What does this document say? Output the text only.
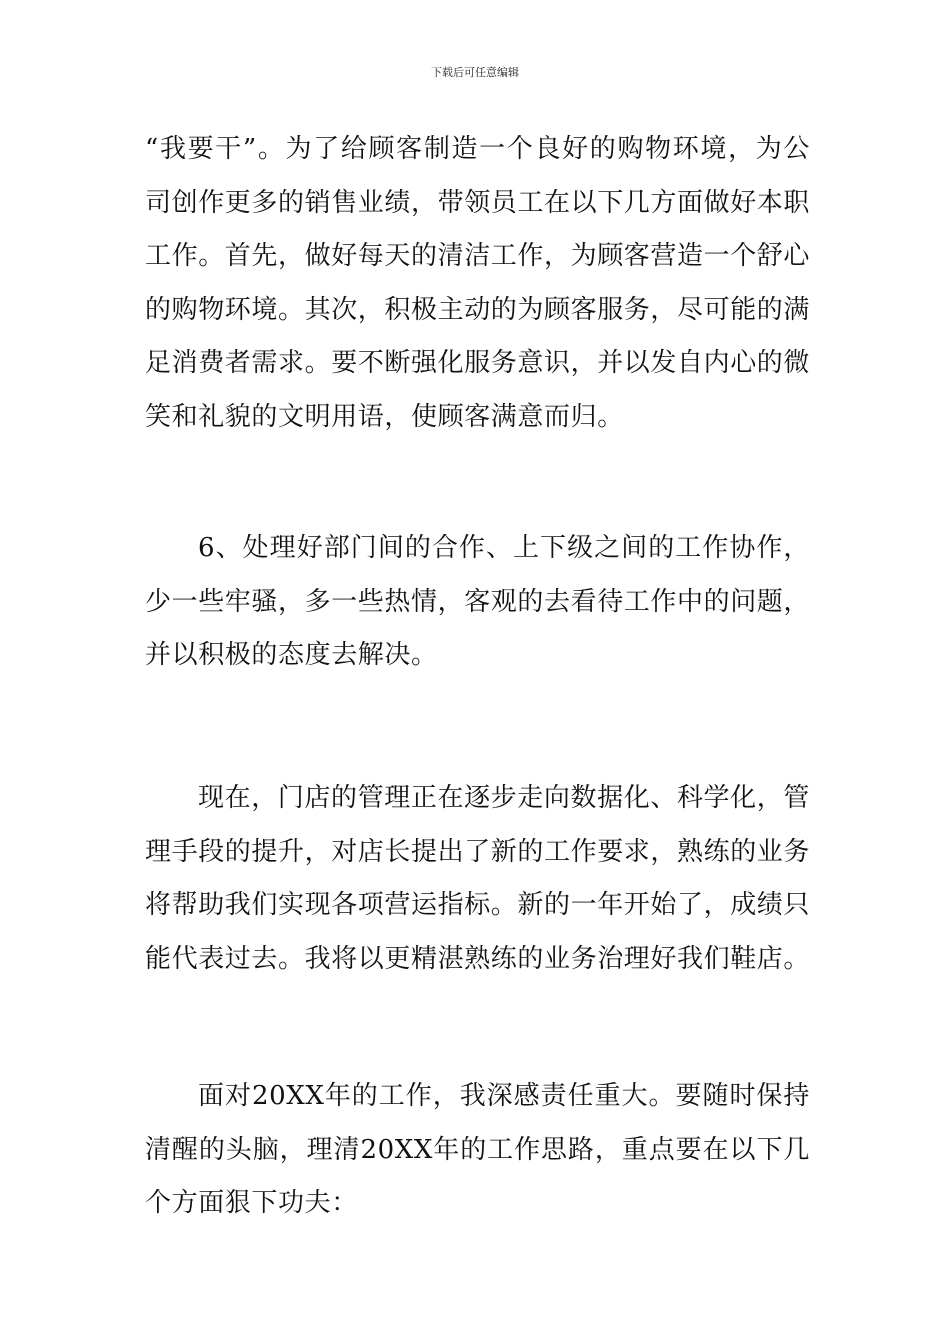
下载后可任意编辑

“我要干”。为了给顾客制造一个良好的购物环境，为公司创作更多的销售业绩，带领员工在以下几方面做好本职工作。首先，做好每天的清洁工作，为顾客营造一个舒心的购物环境。其次，积极主动的为顾客服务，尽可能的满足消费者需求。要不断强化服务意识，并以发自内心的微笑和礼貌的文明用语，使顾客满意而归。

6、处理好部门间的合作、上下级之间的工作协作，少一些牢骚，多一些热情，客观的去看待工作中的问题，并以积极的态度去解决。

现在，门店的管理正在逐步走向数据化、科学化，管理手段的提升，对店长提出了新的工作要求，熟练的业务将帮助我们实现各项营运指标。新的一年开始了，成绩只能代表过去。我将以更精湛熟练的业务治理好我们鞋店。

面对20XX年的工作，我深感责任重大。要随时保持清醒的头脑，理清20XX年的工作思路，重点要在以下几个方面狠下功夫：
